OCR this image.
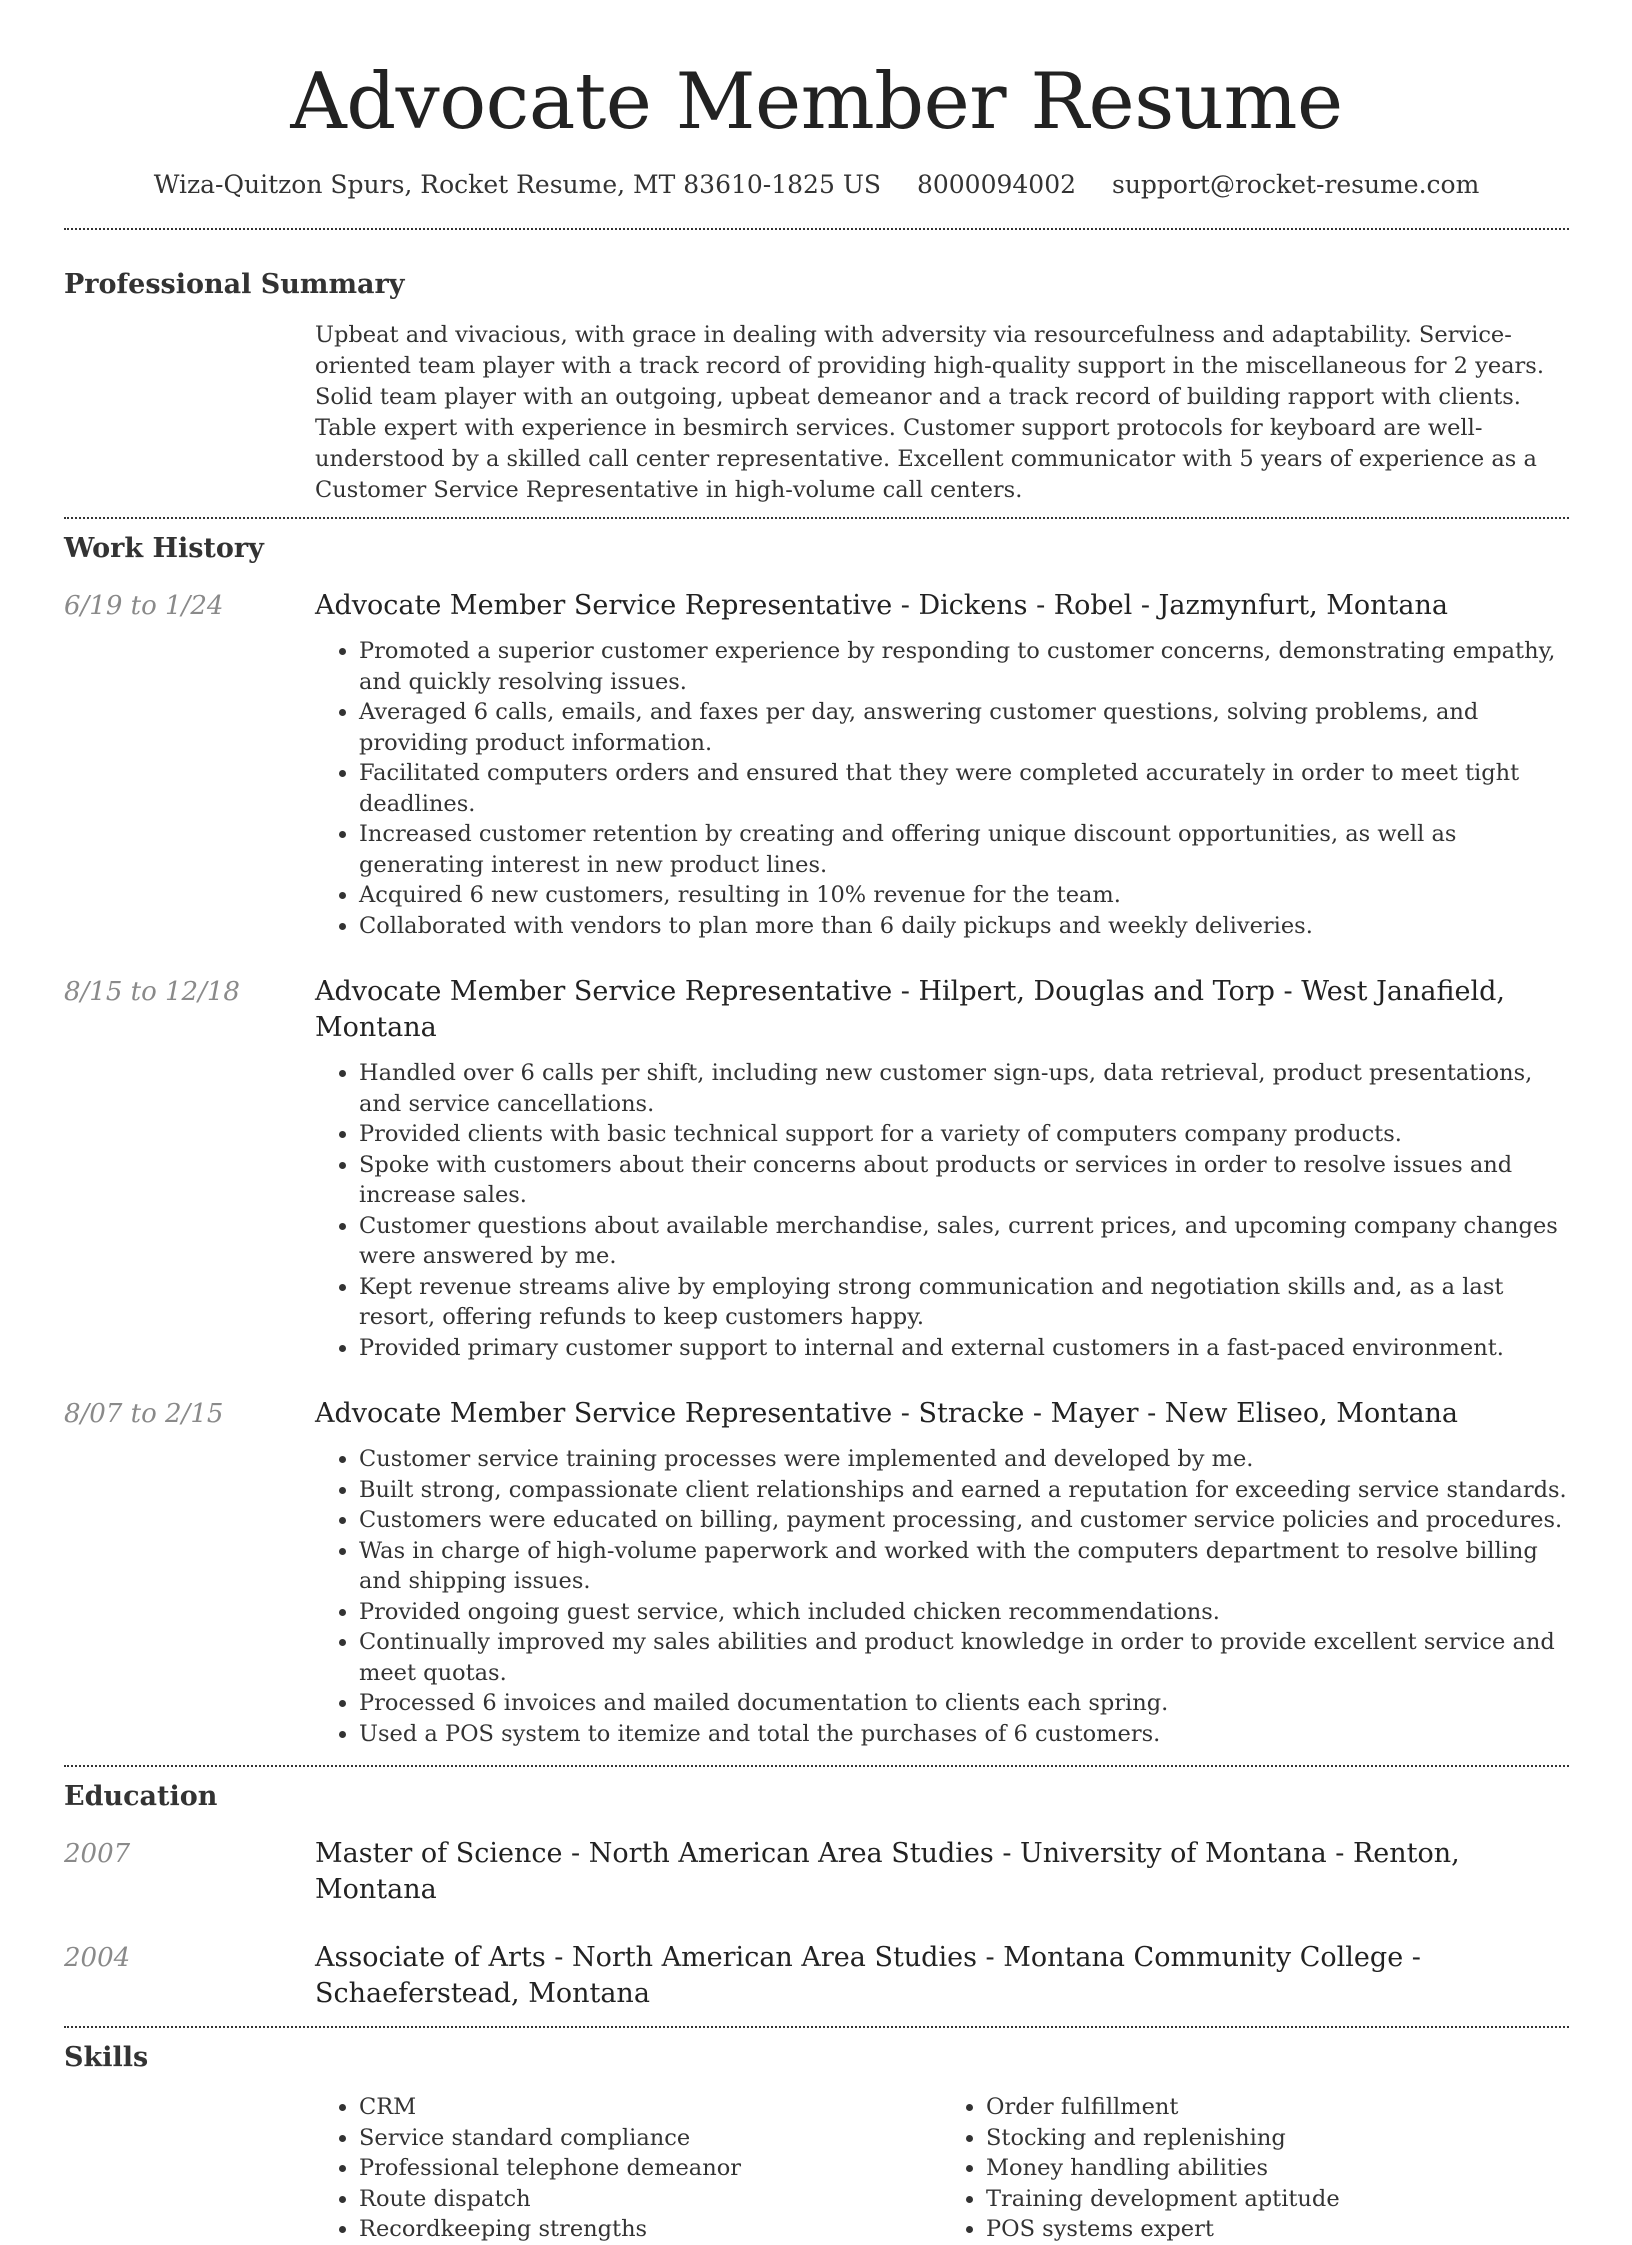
Advocate Member Resume
Wiza-Quitzon Spurs, Rocket Resume, MT 83610-1825 US 8000094002 support@rocket-resume.com
Professional Summary

Upbeat and vivacious, with grace in dealing with adversity via resourcefulness and adaptability. Service-oriented team player with a track record of providing high-quality support in the miscellaneous for 2 years. Solid team player with an outgoing, upbeat demeanor and a track record of building rapport with clients. Table expert with experience in besmirch services. Customer support protocols for keyboard are well-understood by a skilled call center representative. Excellent communicator with 5 years of experience as a Customer Service Representative in high-volume call centers.

Work History
6/19 to 1/24	Advocate Member Service Representative - Dickens - Robel - Jazmynfurt, Montana
• Promoted a superior customer experience by responding to customer concerns, demonstrating empathy, and quickly resolving issues.
• Averaged 6 calls, emails, and faxes per day, answering customer questions, solving problems, and providing product information.
• Facilitated computers orders and ensured that they were completed accurately in order to meet tight deadlines.
• Increased customer retention by creating and offering unique discount opportunities, as well as generating interest in new product lines.
• Acquired 6 new customers, resulting in 10% revenue for the team.
• Collaborated with vendors to plan more than 6 daily pickups and weekly deliveries.
8/15 to 12/18	Advocate Member Service Representative - Hilpert, Douglas and Torp - West Janafield, Montana
• Handled over 6 calls per shift, including new customer sign-ups, data retrieval, product presentations, and service cancellations.
• Provided clients with basic technical support for a variety of computers company products.
• Spoke with customers about their concerns about products or services in order to resolve issues and increase sales.
• Customer questions about available merchandise, sales, current prices, and upcoming company changes were answered by me.
• Kept revenue streams alive by employing strong communication and negotiation skills and, as a last resort, offering refunds to keep customers happy.
• Provided primary customer support to internal and external customers in a fast-paced environment.
8/07 to 2/15	Advocate Member Service Representative - Stracke - Mayer - New Eliseo, Montana
• Customer service training processes were implemented and developed by me.
• Built strong, compassionate client relationships and earned a reputation for exceeding service standards.
• Customers were educated on billing, payment processing, and customer service policies and procedures.
• Was in charge of high-volume paperwork and worked with the computers department to resolve billing and shipping issues.
• Provided ongoing guest service, which included chicken recommendations.
• Continually improved my sales abilities and product knowledge in order to provide excellent service and meet quotas.
• Processed 6 invoices and mailed documentation to clients each spring.
• Used a POS system to itemize and total the purchases of 6 customers.
Education
2007	Master of Science - North American Area Studies - University of Montana - Renton, Montana
2004	Associate of Arts - North American Area Studies - Montana Community College - Schaeferstead, Montana
Skills
• CRM
• Service standard compliance
• Professional telephone demeanor
• Route dispatch
• Recordkeeping strengths
• Order fulfillment
• Stocking and replenishing
• Money handling abilities
• Training development aptitude
• POS systems expert
